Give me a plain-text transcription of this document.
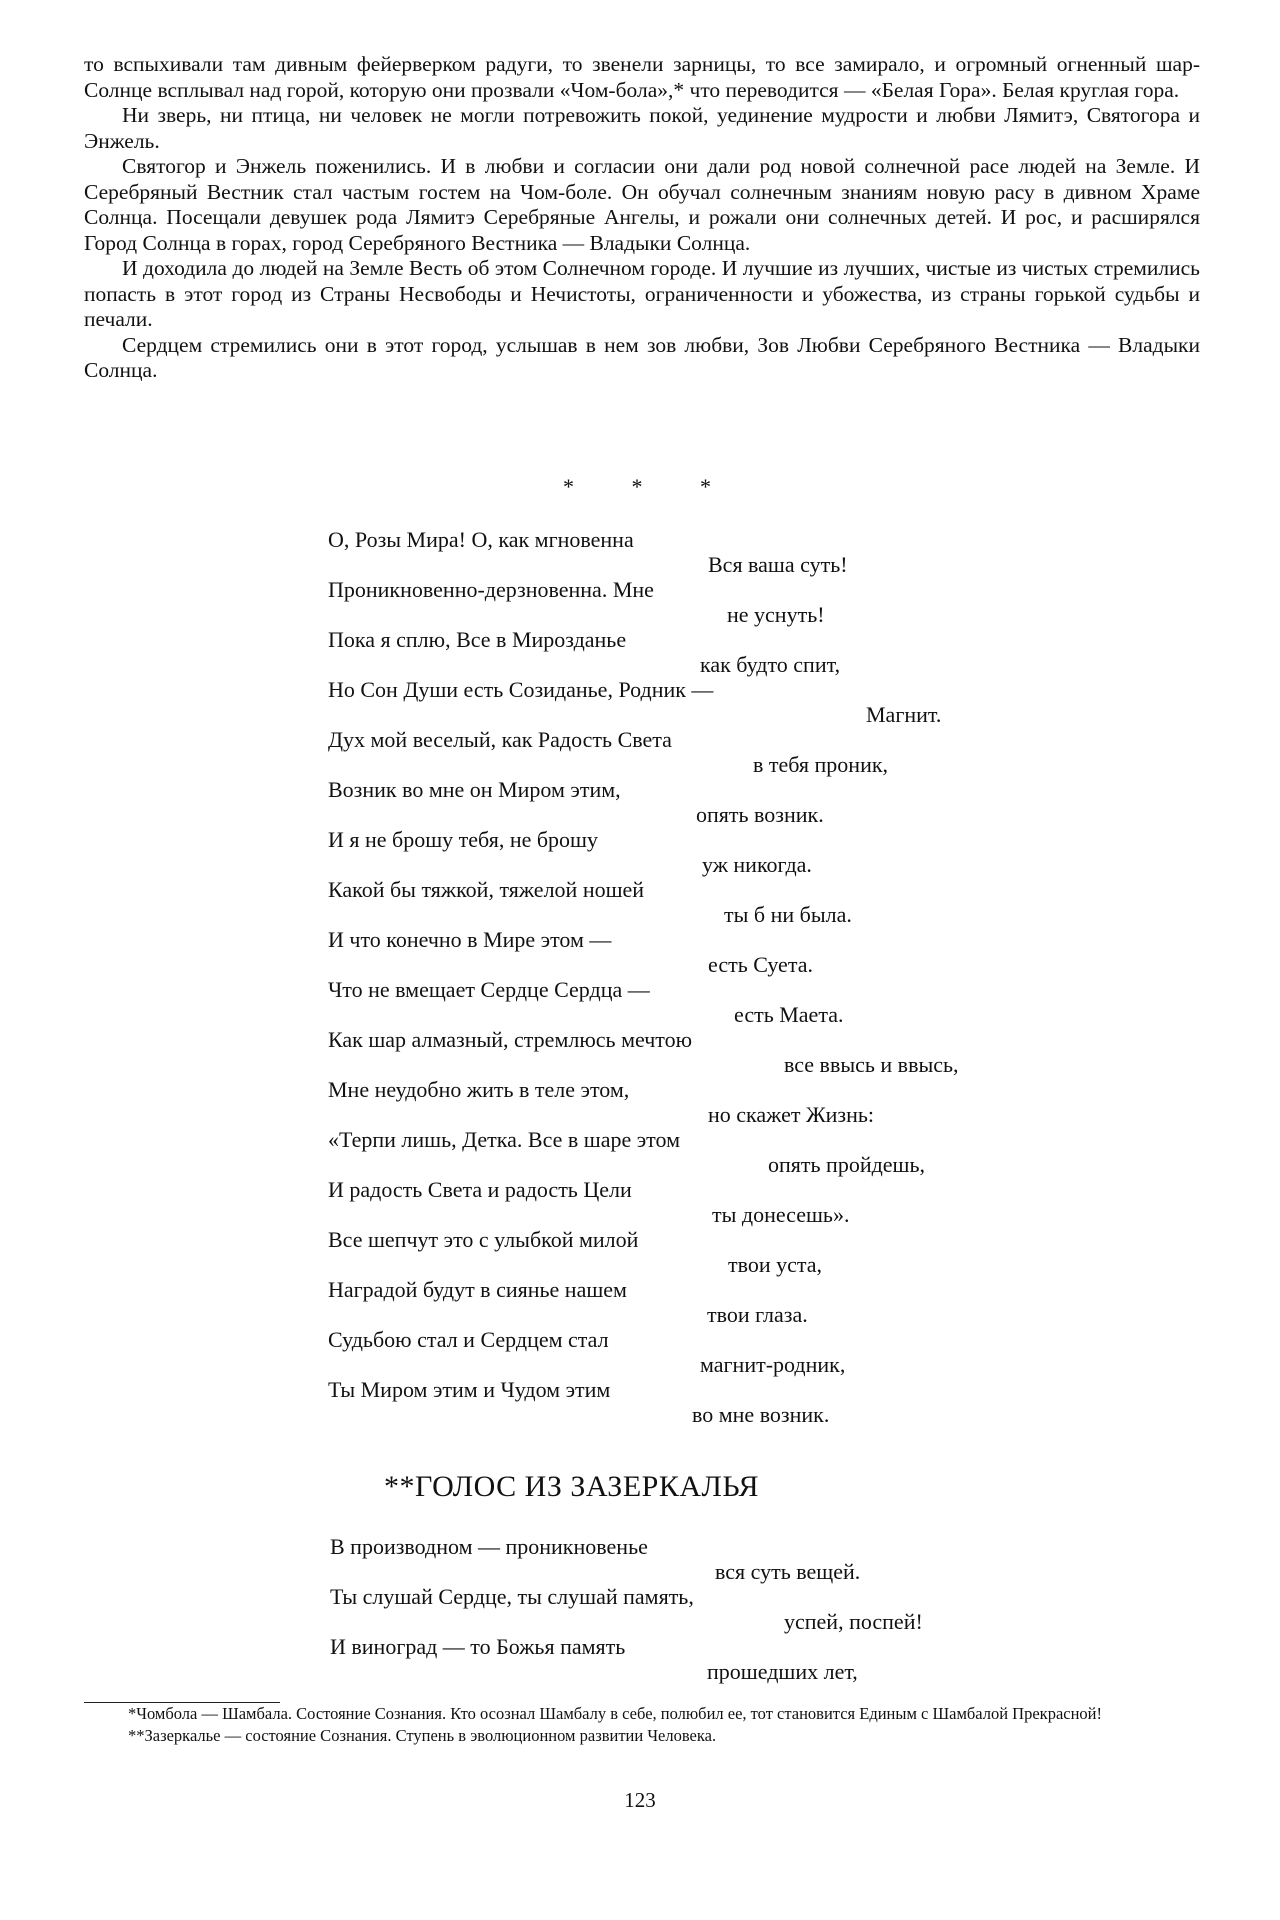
то вспыхивали там дивным фейерверком радуги, то звенели зарницы, то все замирало, и огромный огненный шар-Солнце всплывал над горой, которую они прозвали «Чом-бола»,* что переводится — «Белая Гора». Белая круглая гора.

Ни зверь, ни птица, ни человек не могли потревожить покой, уединение мудрости и любви Лямитэ, Святогора и Энжель.

Святогор и Энжель поженились. И в любви и согласии они дали род новой солнечной расе людей на Земле. И Серебряный Вестник стал частым гостем на Чом-боле. Он обучал солнечным знаниям новую расу в дивном Храме Солнца. Посещали девушек рода Лямитэ Серебряные Ангелы, и рожали они солнечных детей. И рос, и расширялся Город Солнца в горах, город Серебряного Вестника — Владыки Солнца.

И доходила до людей на Земле Весть об этом Солнечном городе. И лучшие из лучших, чистые из чистых стремились попасть в этот город из Страны Несвободы и Нечистоты, ограниченности и убожества, из страны горькой судьбы и печали.

Сердцем стремились они в этот город, услышав в нем зов любви, Зов Любви Серебряного Вестника — Владыки Солнца.

* * *
О, Розы Мира! О, как мгновенна
Вся ваша суть!
Проникновенно-дерзновенна. Мне
не уснуть!
Пока я сплю, Все в Мирозданье
как будто спит,
Но Сон Души есть Созиданье, Родник —
Магнит.
Дух мой веселый, как Радость Света
в тебя проник,
Возник во мне он Миром этим,
опять возник.
И я не брошу тебя, не брошу
уж никогда.
Какой бы тяжкой, тяжелой ношей
ты б ни была.
И что конечно в Мире этом —
есть Суета.
Что не вмещает Сердце Сердца —
есть Маета.
Как шар алмазный, стремлюсь мечтою
все ввысь и ввысь,
Мне неудобно жить в теле этом,
но скажет Жизнь:
«Терпи лишь, Детка. Все в шаре этом
опять пройдешь,
И радость Света и радость Цели
ты донесешь».
Все шепчут это с улыбкой милой
твои уста,
Наградой будут в сиянье нашем
твои глаза.
Судьбою стал и Сердцем стал
магнит-родник,
Ты Миром этим и Чудом этим
во мне возник.
**ГОЛОС ИЗ ЗАЗЕРКАЛЬЯ
В производном — проникновенье
вся суть вещей.
Ты слушай Сердце, ты слушай память,
успей, поспей!
И виноград — то Божья память
прошедших лет,

*Чомбола — Шамбала. Состояние Сознания. Кто осознал Шамбалу в себе, полюбил ее, тот становится Единым с Шамбалой Прекрасной!

**Зазеркалье — состояние Сознания. Ступень в эволюционном развитии Человека.

123
